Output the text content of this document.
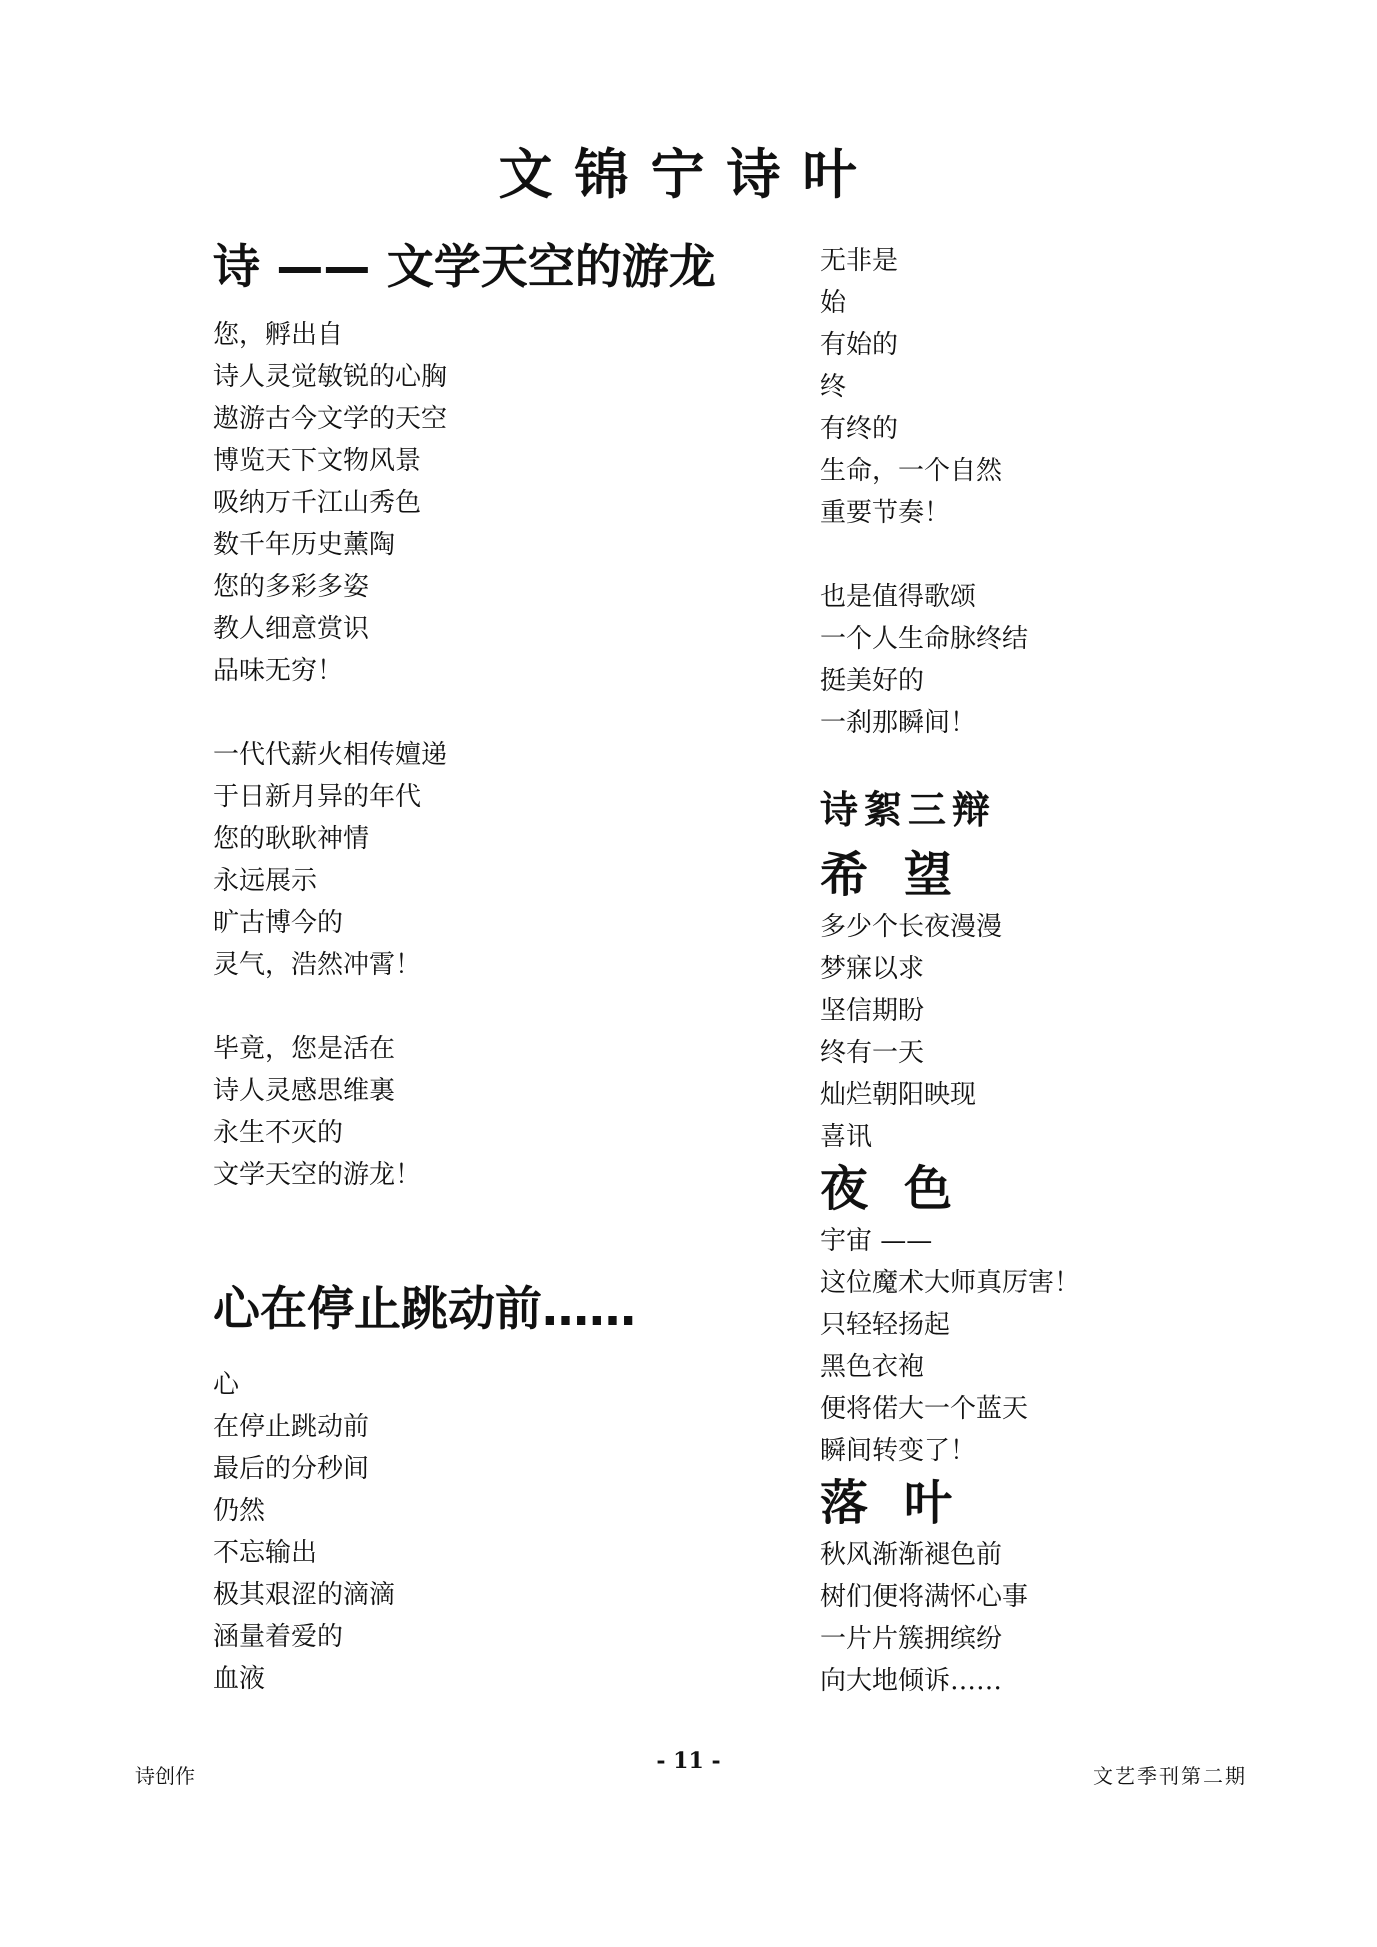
文锦宁诗叶
诗 —— 文学天空的游龙
您，孵出自
诗人灵觉敏锐的心胸
遨游古今文学的天空
博览天下文物风景
吸纳万千江山秀色
数千年历史薰陶
您的多彩多姿
教人细意赏识
品味无穷！
一代代薪火相传嬗递
于日新月异的年代
您的耿耿神情
永远展示
旷古博今的
灵气，浩然冲霄！
毕竟，您是活在
诗人灵感思维裏
永生不灭的
文学天空的游龙！
心在停止跳动前……
心
在停止跳动前
最后的分秒间
仍然
不忘输出
极其艰涩的滴滴
涵量着爱的
血液
无非是
始
有始的
终
有终的
生命，一个自然
重要节奏！
也是值得歌颂
一个人生命脉终结
挺美好的
一刹那瞬间！
诗絮三辩
希望
多少个长夜漫漫
梦寐以求
坚信期盼
终有一天
灿烂朝阳映现
喜讯
夜色
宇宙 ——
这位魔术大师真厉害！
只轻轻扬起
黑色衣袍
便将偌大一个蓝天
瞬间转变了！
落叶
秋风渐渐褪色前
树们便将满怀心事
一片片簇拥缤纷
向大地倾诉……
诗创作
- 11 -
文艺季刊第二期
